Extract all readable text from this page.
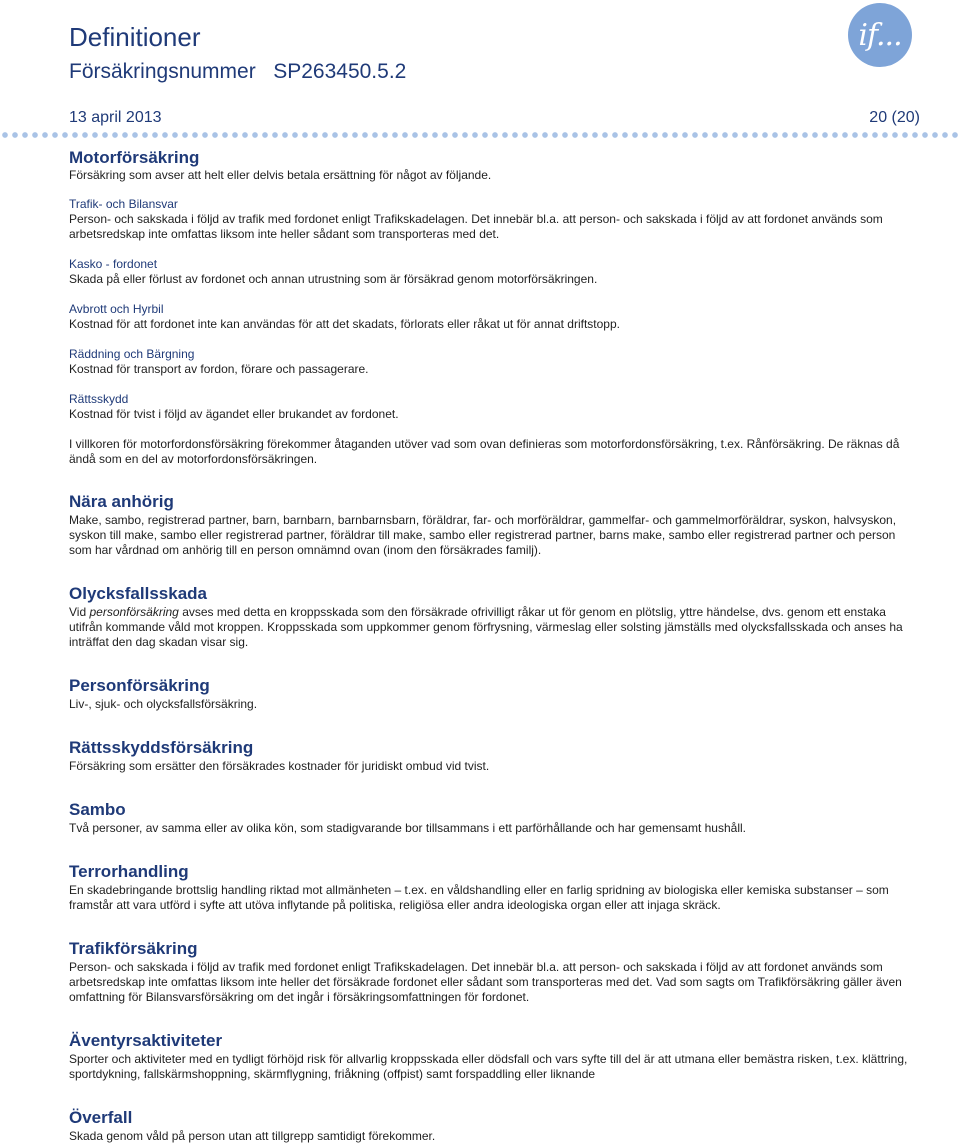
Definitioner
Försäkringsnummer   SP263450.5.2
if...
13 april 2013	20 (20)
Motorförsäkring

Försäkring som avser att helt eller delvis betala ersättning för något av följande.

Trafik- och Bilansvar

Person- och sakskada i följd av trafik med fordonet enligt Trafikskadelagen. Det innebär bl.a. att person- och sakskada i följd av att fordonet används som arbetsredskap inte omfattas liksom inte heller sådant som transporteras med det.

Kasko - fordonet

Skada på eller förlust av fordonet och annan utrustning som är försäkrad genom motorförsäkringen.

Avbrott och Hyrbil

Kostnad för att fordonet inte kan användas för att det skadats, förlorats eller råkat ut för annat driftstopp.

Räddning och Bärgning

Kostnad för transport av fordon, förare och passagerare.

Rättsskydd

Kostnad för tvist i följd av ägandet eller brukandet av fordonet.

I villkoren för motorfordonsförsäkring förekommer åtaganden utöver vad som ovan definieras som motorfordonsförsäkring, t.ex. Rånförsäkring. De räknas då ändå som en del av motorfordonsförsäkringen.

Nära anhörig

Make, sambo, registrerad partner, barn, barnbarn, barnbarnsbarn, föräldrar, far- och morföräldrar, gammelfar- och gammelmorföräldrar, syskon, halvsyskon, syskon till make, sambo eller registrerad partner, föräldrar till make, sambo eller registrerad partner, barns make, sambo eller registrerad partner och person som har vårdnad om anhörig till en person omnämnd ovan (inom den försäkrades familj).

Olycksfallsskada

Vid personförsäkring avses med detta en kroppsskada som den försäkrade ofrivilligt råkar ut för genom en plötslig, yttre händelse, dvs. genom ett enstaka utifrån kommande våld mot kroppen. Kroppsskada som uppkommer genom förfrysning, värmeslag eller solsting jämställs med olycksfallsskada och anses ha inträffat den dag skadan visar sig.

Personförsäkring

Liv-, sjuk- och olycksfallsförsäkring.

Rättsskyddsförsäkring

Försäkring som ersätter den försäkrades kostnader för juridiskt ombud vid tvist.

Sambo

Två personer, av samma eller av olika kön, som stadigvarande bor tillsammans i ett parförhållande och har gemensamt hushåll.

Terrorhandling

En skadebringande brottslig handling riktad mot allmänheten – t.ex. en våldshandling eller en farlig spridning av biologiska eller kemiska substanser – som framstår att vara utförd i syfte att utöva inflytande på politiska, religiösa eller andra ideologiska organ eller att injaga skräck.

Trafikförsäkring

Person- och sakskada i följd av trafik med fordonet enligt Trafikskadelagen. Det innebär bl.a. att person- och sakskada i följd av att fordonet används som arbetsredskap inte omfattas liksom inte heller det försäkrade fordonet eller sådant som transporteras med det. Vad som sagts om Trafikförsäkring gäller även omfattning för Bilansvarsförsäkring om det ingår i försäkringsomfattningen för fordonet.

Äventyrsaktiviteter

Sporter och aktiviteter med en tydligt förhöjd risk för allvarlig kroppsskada eller dödsfall och vars syfte till del är att utmana eller bemästra risken, t.ex. klättring, sportdykning, fallskärmshoppning, skärmflygning, friåkning (offpist) samt forspaddling eller liknande

Överfall

Skada genom våld på person utan att tillgrepp samtidigt förekommer.
